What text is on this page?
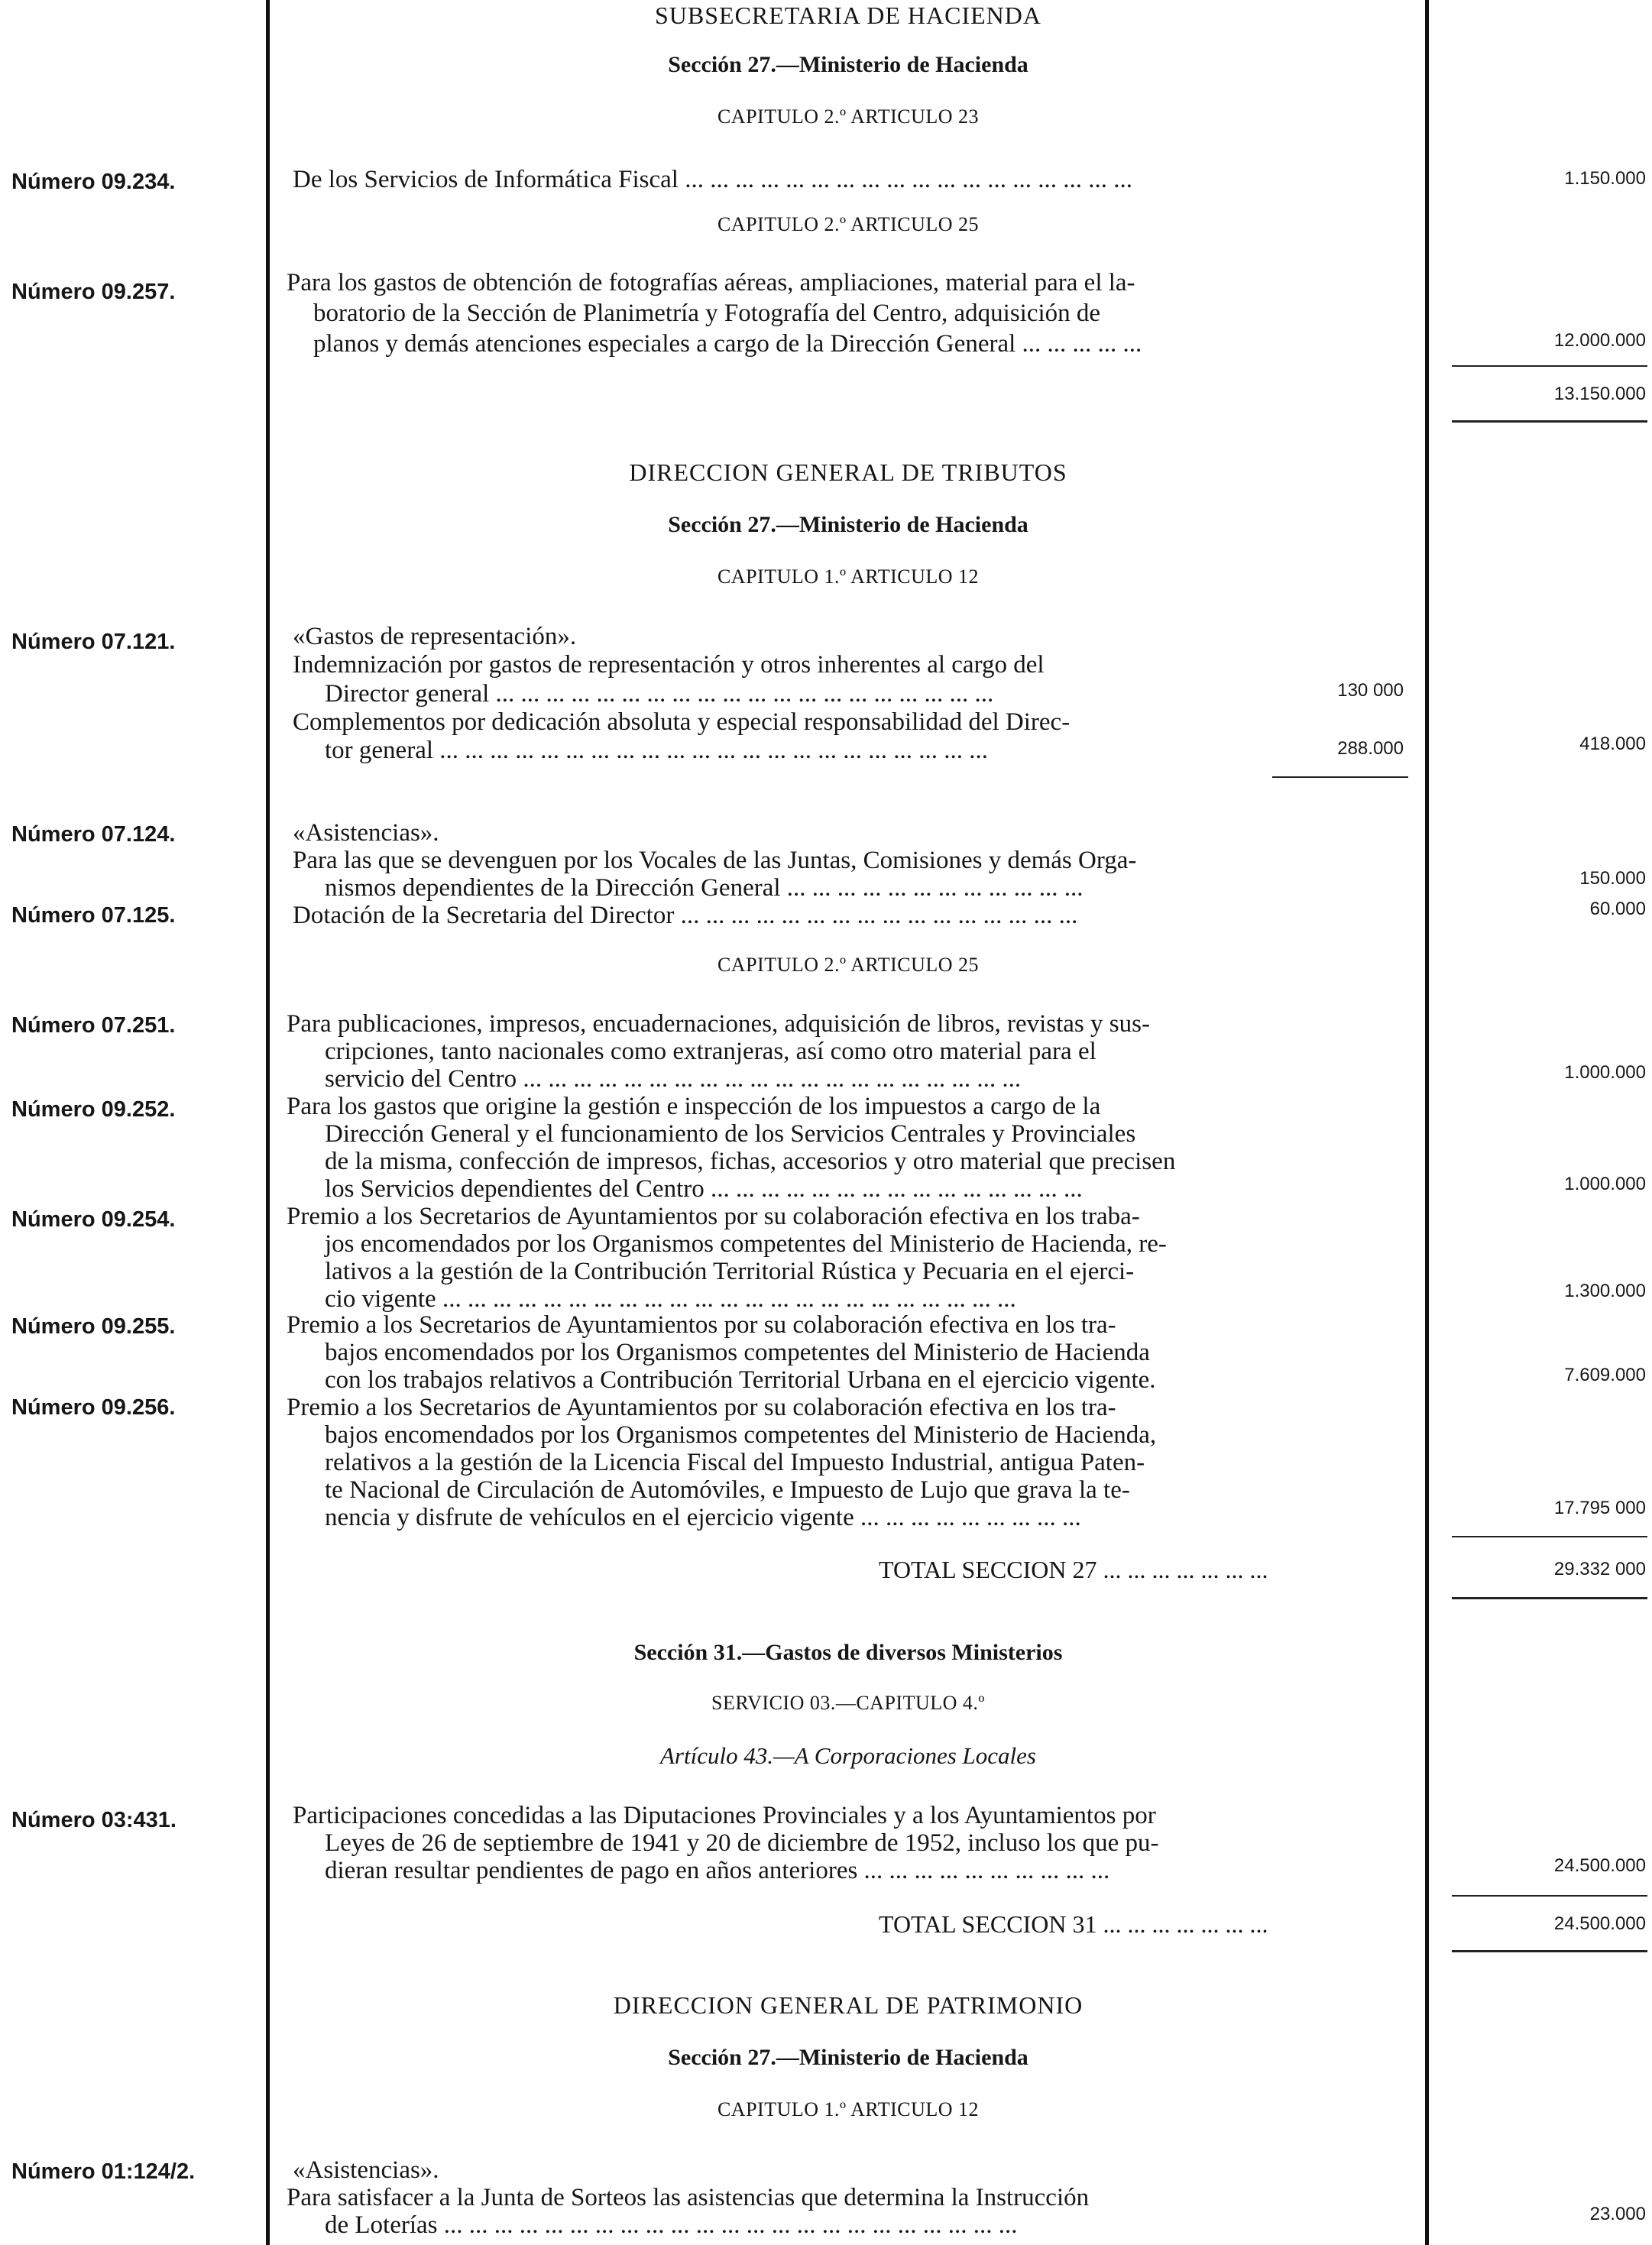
SUBSECRETARIA DE HACIENDA
Sección 27.—Ministerio de Hacienda
CAPITULO 2.º ARTICULO 23
Número 09.234.	De los Servicios de Informática Fiscal ... ... ... ... ... ... ... ... ... ... ... ... ... ... ... ... ... ...	1.150.000
CAPITULO 2.º ARTICULO 25
Número 09.257.	Para los gastos de obtención de fotografías aéreas, ampliaciones, material para el la-
boratorio de la Sección de Planimetría y Fotografía del Centro, adquisición de
planos y demás atenciones especiales a cargo de la Dirección General ... ... ... ... ...	12.000.000
13.150.000
DIRECCION GENERAL DE TRIBUTOS
Sección 27.—Ministerio de Hacienda
CAPITULO 1.º ARTICULO 12
Número 07.121.	«Gastos de representación».
Indemnización por gastos de representación y otros inherentes al cargo del
Director general ... ... ... ... ... ... ... ... ... ... ... ... ... ... ... ... ... ... ... ...	130 000
Complementos por dedicación absoluta y especial responsabilidad del Direc-
tor general ... ... ... ... ... ... ... ... ... ... ... ... ... ... ... ... ... ... ... ... ... ...	288.000	418.000
Número 07.124.	«Asistencias».
Para las que se devenguen por los Vocales de las Juntas, Comisiones y demás Orga-
nismos dependientes de la Dirección General ... ... ... ... ... ... ... ... ... ... ... ...	150.000
Número 07.125.	Dotación de la Secretaria del Director ... ... ... ... ... ... ... ... ... ... ... ... ... ... ... ...	60.000
CAPITULO 2.º ARTICULO 25
Número 07.251.	Para publicaciones, impresos, encuadernaciones, adquisición de libros, revistas y sus-
cripciones, tanto nacionales como extranjeras, así como otro material para el
servicio del Centro ... ... ... ... ... ... ... ... ... ... ... ... ... ... ... ... ... ... ... ...	1.000.000
Número 09.252.	Para los gastos que origine la gestión e inspección de los impuestos a cargo de la
Dirección General y el funcionamiento de los Servicios Centrales y Provinciales
de la misma, confección de impresos, fichas, accesorios y otro material que precisen
los Servicios dependientes del Centro ... ... ... ... ... ... ... ... ... ... ... ... ... ... ...	1.000.000
Número 09.254.	Premio a los Secretarios de Ayuntamientos por su colaboración efectiva en los traba-
jos encomendados por los Organismos competentes del Ministerio de Hacienda, re-
lativos a la gestión de la Contribución Territorial Rústica y Pecuaria en el ejerci-
cio vigente ... ... ... ... ... ... ... ... ... ... ... ... ... ... ... ... ... ... ... ... ... ... ...	1.300.000
Número 09.255.	Premio a los Secretarios de Ayuntamientos por su colaboración efectiva en los tra-
bajos encomendados por los Organismos competentes del Ministerio de Hacienda
con los trabajos relativos a Contribución Territorial Urbana en el ejercicio vigente.	7.609.000
Número 09.256.	Premio a los Secretarios de Ayuntamientos por su colaboración efectiva en los tra-
bajos encomendados por los Organismos competentes del Ministerio de Hacienda,
relativos a la gestión de la Licencia Fiscal del Impuesto Industrial, antigua Paten-
te Nacional de Circulación de Automóviles, e Impuesto de Lujo que grava la te-
nencia y disfrute de vehículos en el ejercicio vigente ... ... ... ... ... ... ... ... ...	17.795 000
TOTAL SECCION 27 ... ... ... ... ... ... ...	29.332 000
Sección 31.—Gastos de diversos Ministerios
SERVICIO 03.—CAPITULO 4.º
Artículo 43.—A Corporaciones Locales
Número 03:431.	Participaciones concedidas a las Diputaciones Provinciales y a los Ayuntamientos por
Leyes de 26 de septiembre de 1941 y 20 de diciembre de 1952, incluso los que pu-
dieran resultar pendientes de pago en años anteriores ... ... ... ... ... ... ... ... ... ...	24.500.000
TOTAL SECCION 31 ... ... ... ... ... ... ...	24.500.000
DIRECCION GENERAL DE PATRIMONIO
Sección 27.—Ministerio de Hacienda
CAPITULO 1.º ARTICULO 12
Número 01:124/2.	«Asistencias».
Para satisfacer a la Junta de Sorteos las asistencias que determina la Instrucción
de Loterías ... ... ... ... ... ... ... ... ... ... ... ... ... ... ... ... ... ... ... ... ... ... ...	23.000
